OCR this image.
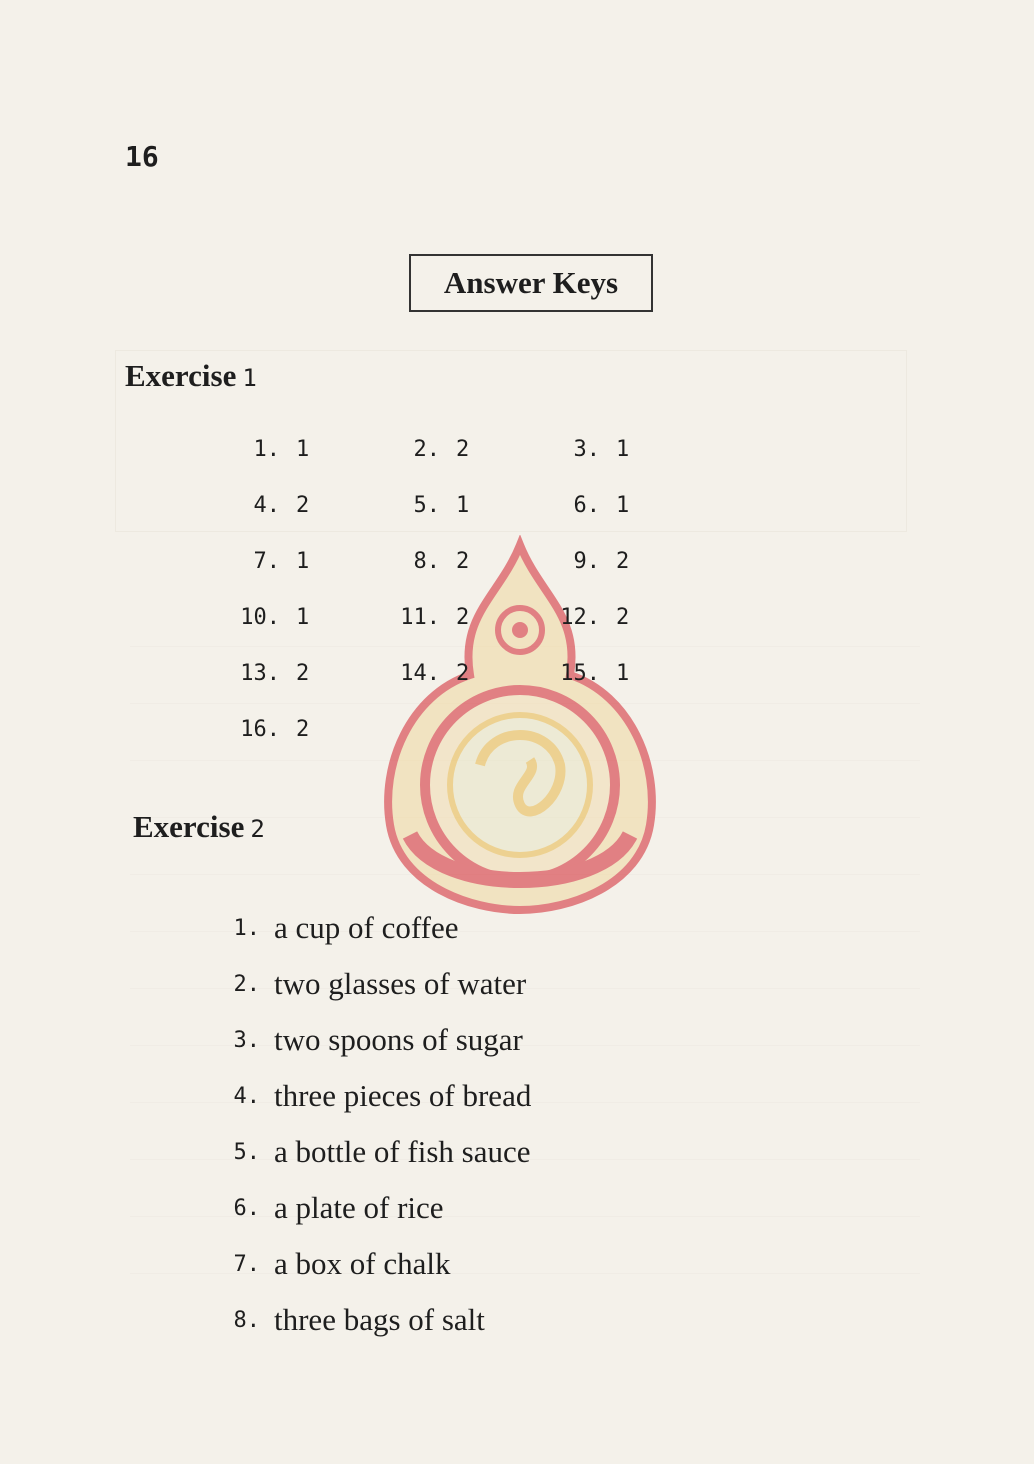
16
Answer Keys
Exercise 1
1. 1	2. 2	3. 1
4. 2	5. 1	6. 1
7. 1	8. 2	9. 2
10. 1	11. 2	12. 2
13. 2	14. 2	15. 1
16. 2
Exercise 2
1. a cup of coffee
2. two glasses of water
3. two spoons of sugar
4. three pieces of bread
5. a bottle of fish sauce
6. a plate of rice
7. a box of chalk
8. three bags of salt
